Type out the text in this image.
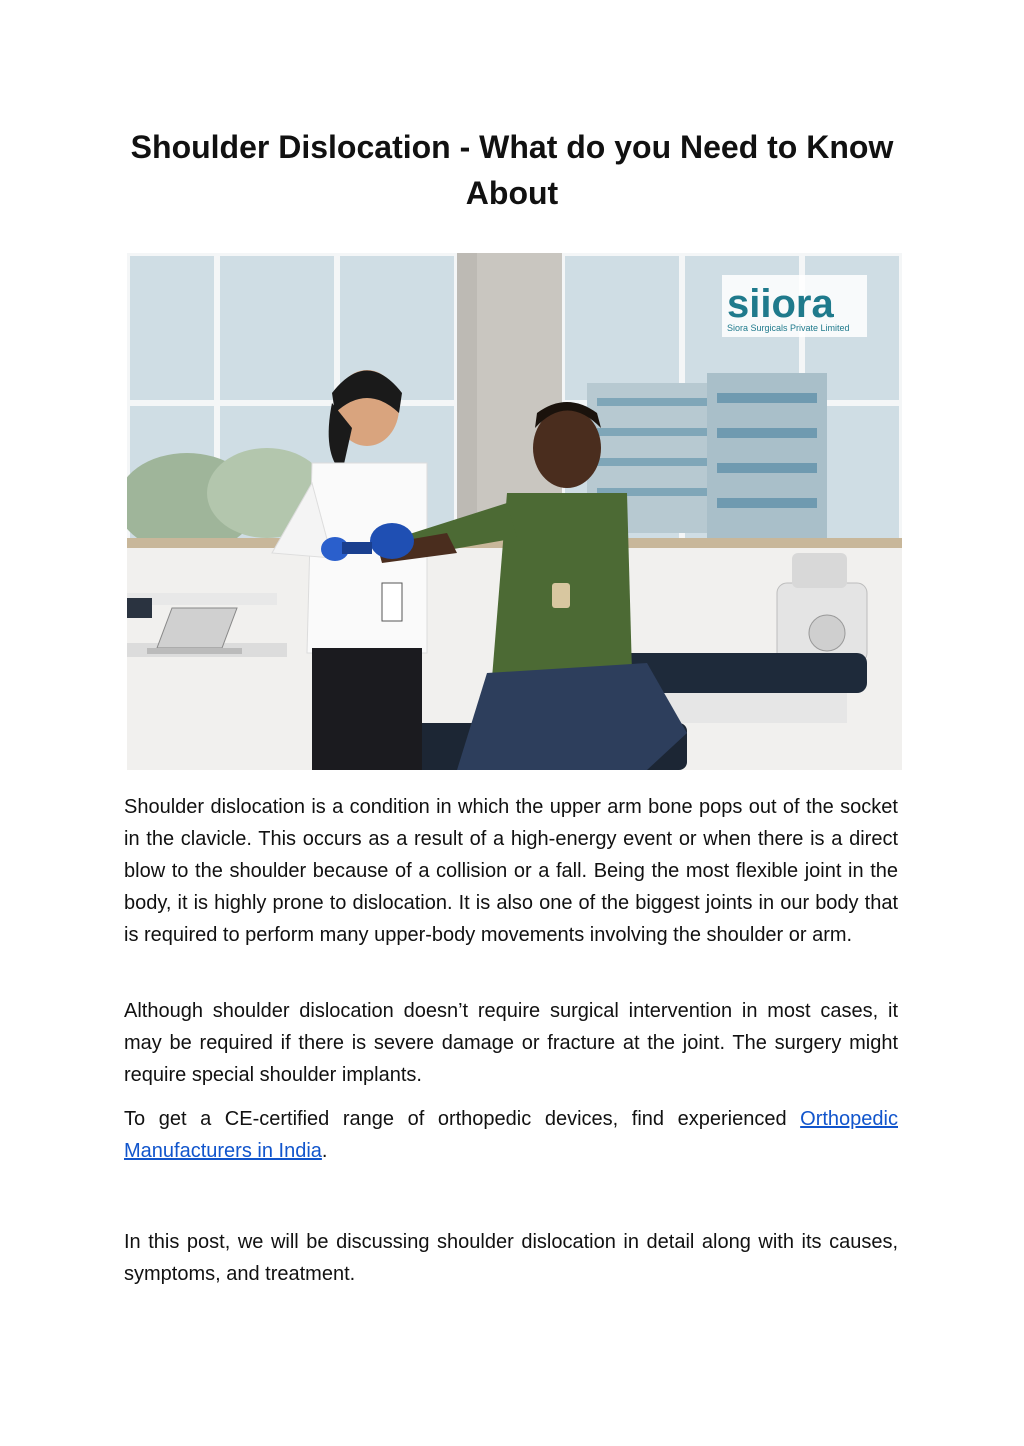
Shoulder Dislocation - What do you Need to Know About
siiora
Siora Surgicals Private Limited

Shoulder dislocation is a condition in which the upper arm bone pops out of the socket in the clavicle. This occurs as a result of a high-energy event or when there is a direct blow to the shoulder because of a collision or a fall. Being the most flexible joint in the body, it is highly prone to dislocation. It is also one of the biggest joints in our body that is required to perform many upper-body movements involving the shoulder or arm.

Although shoulder dislocation doesn’t require surgical intervention in most cases, it may be required if there is severe damage or fracture at the joint. The surgery might require special shoulder implants.

To get a CE-certified range of orthopedic devices, find experienced Orthopedic Manufacturers in India.

In this post, we will be discussing shoulder dislocation in detail along with its causes, symptoms, and treatment.
